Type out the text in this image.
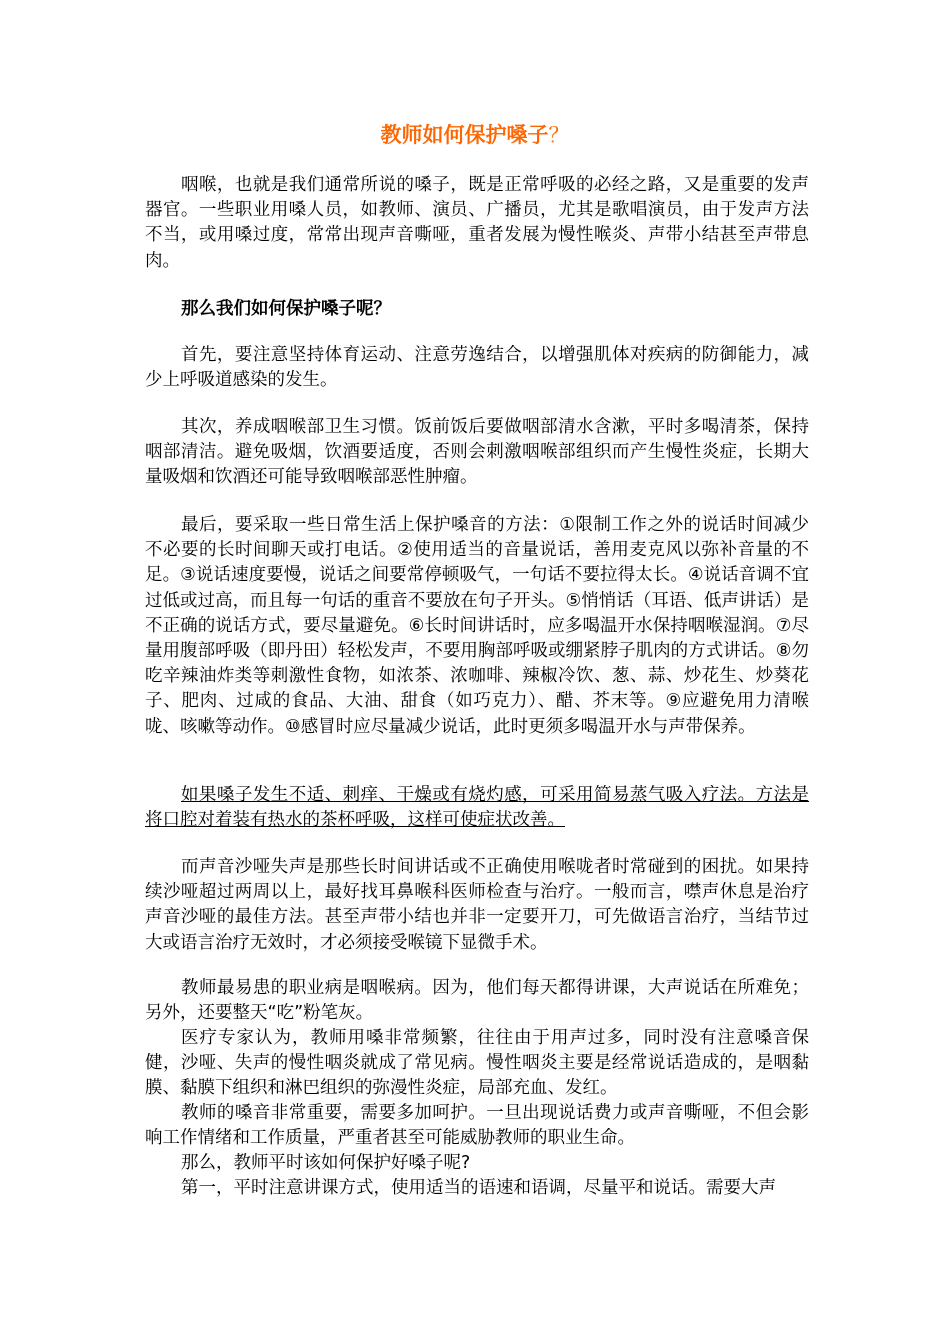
教师如何保护嗓子？

咽喉，也就是我们通常所说的嗓子，既是正常呼吸的必经之路，又是重要的发声器官。一些职业用嗓人员，如教师、演员、广播员，尤其是歌唱演员，由于发声方法不当，或用嗓过度，常常出现声音嘶哑，重者发展为慢性喉炎、声带小结甚至声带息肉。

那么我们如何保护嗓子呢？

首先，要注意坚持体育运动、注意劳逸结合，以增强肌体对疾病的防御能力，减少上呼吸道感染的发生。

其次，养成咽喉部卫生习惯。饭前饭后要做咽部清水含漱，平时多喝清茶，保持咽部清洁。避免吸烟，饮酒要适度，否则会刺激咽喉部组织而产生慢性炎症，长期大量吸烟和饮酒还可能导致咽喉部恶性肿瘤。

最后，要采取一些日常生活上保护嗓音的方法：①限制工作之外的说话时间减少不必要的长时间聊天或打电话。②使用适当的音量说话，善用麦克风以弥补音量的不足。③说话速度要慢，说话之间要常停顿吸气，一句话不要拉得太长。④说话音调不宜过低或过高，而且每一句话的重音不要放在句子开头。⑤悄悄话（耳语、低声讲话）是不正确的说话方式，要尽量避免。⑥长时间讲话时，应多喝温开水保持咽喉湿润。⑦尽量用腹部呼吸（即丹田）轻松发声，不要用胸部呼吸或绷紧脖子肌肉的方式讲话。⑧勿吃辛辣油炸类等刺激性食物，如浓茶、浓咖啡、辣椒冷饮、葱、蒜、炒花生、炒葵花子、肥肉、过咸的食品、大油、甜食（如巧克力）、醋、芥末等。⑨应避免用力清喉咙、咳嗽等动作。⑩感冒时应尽量减少说话，此时更须多喝温开水与声带保养。

如果嗓子发生不适、刺痒、干燥或有烧灼感，可采用简易蒸气吸入疗法。方法是将口腔对着装有热水的茶杯呼吸，这样可使症状改善。

而声音沙哑失声是那些长时间讲话或不正确使用喉咙者时常碰到的困扰。如果持续沙哑超过两周以上，最好找耳鼻喉科医师检查与治疗。一般而言，噤声休息是治疗声音沙哑的最佳方法。甚至声带小结也并非一定要开刀，可先做语言治疗，当结节过大或语言治疗无效时，才必须接受喉镜下显微手术。

教师最易患的职业病是咽喉病。因为，他们每天都得讲课，大声说话在所难免；另外，还要整天“吃”粉笔灰。

医疗专家认为，教师用嗓非常频繁，往往由于用声过多，同时没有注意嗓音保健，沙哑、失声的慢性咽炎就成了常见病。慢性咽炎主要是经常说话造成的，是咽黏膜、黏膜下组织和淋巴组织的弥漫性炎症，局部充血、发红。

教师的嗓音非常重要，需要多加呵护。一旦出现说话费力或声音嘶哑，不但会影响工作情绪和工作质量，严重者甚至可能威胁教师的职业生命。

那么，教师平时该如何保护好嗓子呢?

第一，平时注意讲课方式，使用适当的语速和语调，尽量平和说话。需要大声
